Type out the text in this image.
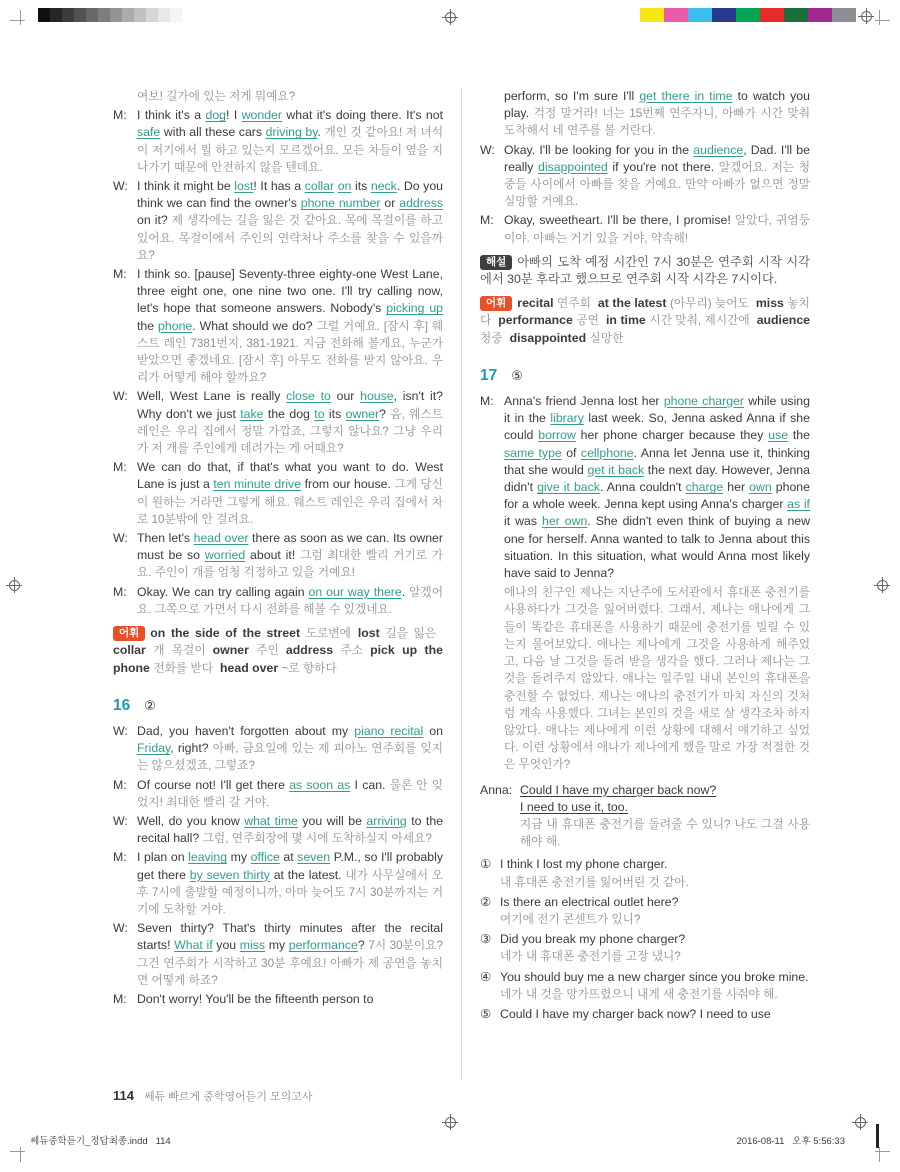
여보! 길가에 있는 저게 뭐예요?
M: I think it's a dog! I wonder what it's doing there. It's not safe with all these cars driving by. 개인 것 같아요! 저 녀석이 저기에서 뭘 하고 있는지 모르겠어요. 모든 차들이 옆을 지나가기 때문에 안전하지 않을 텐데요.
W: I think it might be lost! It has a collar on its neck. Do you think we can find the owner's phone number or address on it? 제 생각에는 길을 잃은 것 같아요. 목에 목걸이를 하고 있어요. 목걸이에서 주인의 연락처나 주소를 찾을 수 있을까요?
M: I think so. [pause] Seventy-three eighty-one West Lane, three eight one, one nine two one. I'll try calling now, let's hope that someone answers. Nobody's picking up the phone. What should we do? 그럴 거예요. [잠시 후] 웨스트 레인 7381번지, 381-1921. 지금 전화해 볼게요, 누군가 받았으면 좋겠네요. [잠시 후] 아무도 전화를 받지 않아요. 우리가 어떻게 해야 할까요?
W: Well, West Lane is really close to our house, isn't it? Why don't we just take the dog to its owner? 음, 웨스트 레인은 우리 집에서 정말 가깝죠, 그렇지 않나요? 그냥 우리가 저 개를 주인에게 데려가는 게 어때요?
M: We can do that, if that's what you want to do. West Lane is just a ten minute drive from our house. 그게 당신이 원하는 거라면 그렇게 해요. 웨스트 레인은 우리 집에서 차로 10분밖에 안 걸려요.
W: Then let's head over there as soon as we can. Its owner must be so worried about it! 그럼 최대한 빨리 거기로 가요. 주인이 개를 엄청 걱정하고 있을 거예요!
M: Okay. We can try calling again on our way there. 알겠어요. 그쪽으로 가면서 다시 전화를 해볼 수 있겠네요.
어휘 on the side of the street 도로변에 lost 길을 잃은collar 개 목걸이 owner 주인 address 주소 pick up the phone 전화를 받다 head over ~로 향하다
16 ②
W: Dad, you haven't forgotten about my piano recital on Friday, right? 아빠, 금요일에 있는 제 피아노 연주회를 잊지는 않으셨겠죠, 그렇죠?
M: Of course not! I'll get there as soon as I can. 물론 안 잊었지! 최대한 빨리 갈 거야.
W: Well, do you know what time you will be arriving to the recital hall? 그럼, 연주회장에 몇 시에 도착하실지 아세요?
M: I plan on leaving my office at seven P.M., so I'll probably get there by seven thirty at the latest. 내가 사무실에서 오후 7시에 출발할 예정이니까, 아마 늦어도 7시 30분까지는 거기에 도착할 거야.
W: Seven thirty? That's thirty minutes after the recital starts! What if you miss my performance? 7시 30분이요? 그건 연주회가 시작하고 30분 후예요! 아빠가 제 공연을 놓치면 어떻게 하죠?
M: Don't worry! You'll be the fifteenth person to
perform, so I'm sure I'll get there in time to watch you play. 걱정 말거라! 너는 15번째 연주자니, 아빠가 시간 맞춰 도착해서 네 연주를 볼 거란다.
W: Okay. I'll be looking for you in the audience, Dad. I'll be really disappointed if you're not there. 알겠어요. 저는 청중들 사이에서 아빠를 찾을 거예요. 만약 아빠가 없으면 정말 실망할 거예요.
M: Okay, sweetheart. I'll be there, I promise! 알았다, 귀염둥이야. 아빠는 거기 있을 거야, 약속해!
해설 아빠의 도착 예정 시간인 7시 30분은 연주회 시작 시각에서 30분 후라고 했으므로 연주회 시작 시각은 7시이다.
어휘 recital 연주회 at the latest (아무리) 늦어도 miss 놓치다 performance 공연 in time 시간 맞춰, 제시간에 audience 청중 disappointed 실망한
17 ⑤
M: Anna's friend Jenna lost her phone charger while using it in the library last week. So, Jenna asked Anna if she could borrow her phone charger because they use the same type of cellphone. Anna let Jenna use it, thinking that she would get it back the next day. However, Jenna didn't give it back. Anna couldn't charge her own phone for a whole week. Jenna kept using Anna's charger as if it was her own. She didn't even think of buying a new one for herself. Anna wanted to talk to Jenna about this situation. In this situation, what would Anna most likely have said to Jenna?
애나의 친구인 제나는 지난주에 도서관에서 휴대폰 충전기를 사용하다가 그것을 잃어버렸다. 그래서, 제나는 애나에게 그들이 똑같은 휴대폰을 사용하기 때문에 충전기를 빌릴 수 있는지 물어보았다. 애나는 제나에게 그것을 사용하게 해주었고, 다음 날 그것을 돌려 받을 생각을 했다. 그러나 제나는 그것을 돌려주지 않았다. 애나는 일주일 내내 본인의 휴대폰을 충전할 수 없었다. 제나는 애나의 충전기가 마치 자신의 것처럼 계속 사용했다. 그녀는 본인의 것을 새로 살 생각조차 하지 않았다. 애나는 제나에게 이런 상황에 대해서 얘기하고 싶었다. 이런 상황에서 애나가 제나에게 했을 말로 가장 적절한 것은 무엇인가?
Anna: Could I have my charger back now?
I need to use it, too.
지금 내 휴대폰 충전기를 돌려줄 수 있니? 나도 그걸 사용해야 해.
① I think I lost my phone charger.
내 휴대폰 충전기를 잃어버린 것 같아.
② Is there an electrical outlet here?
여기에 전기 콘센트가 있니?
③ Did you break my phone charger?
네가 내 휴대폰 충전기를 고장 냈니?
④ You should buy me a new charger since you broke mine.
네가 내 것을 망가뜨렸으니 내게 새 충전기를 사줘야 해.
⑤ Could I have my charger back now? I need to use
114 쎄듀 빠르게 중학영어듣기 모의고사
쎄듀중학듣기_정답최종.indd   114	2016-08-11   오후 5:56:33
